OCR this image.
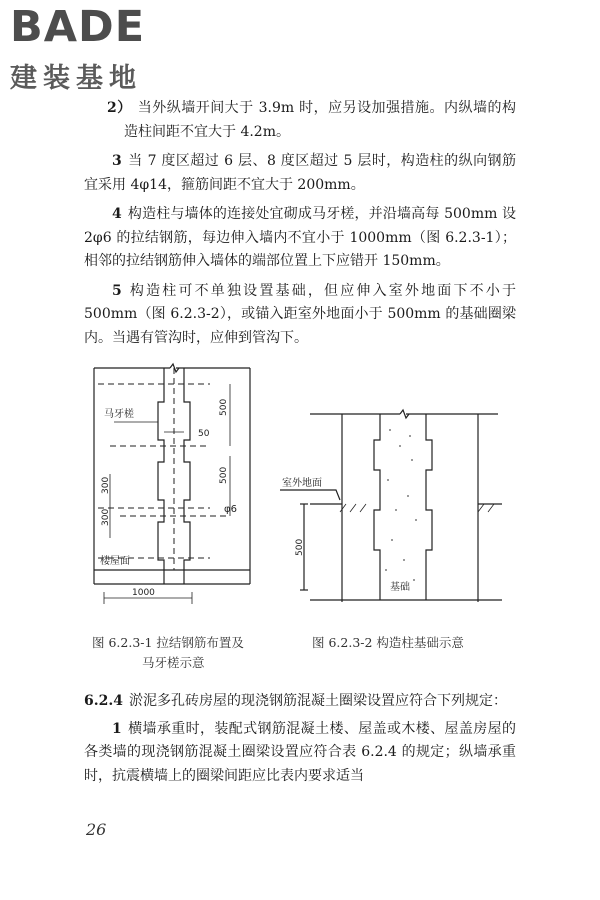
BADE
建装基地

2） 当外纵墙开间大于 3.9m 时，应另设加强措施。内纵墙的构造柱间距不宜大于 4.2m。

3 当 7 度区超过 6 层、8 度区超过 5 层时，构造柱的纵向钢筋宜采用 4φ14，箍筋间距不宜大于 200mm。

4 构造柱与墙体的连接处宜砌成马牙槎，并沿墙高每 500mm 设 2φ6 的拉结钢筋，每边伸入墙内不宜小于 1000mm（图 6.2.3-1）；相邻的拉结钢筋伸入墙体的端部位置上下应错开 150mm。

5 构造柱可不单独设置基础，但应伸入室外地面下不小于 500mm（图 6.2.3-2），或锚入距室外地面小于 500mm 的基础圈梁内。当遇有管沟时，应伸到管沟下。

马牙槎
50
500
500
300
300	φ6
楼屋面
1000
室外地面
500
基础
图 6.2.3-1 拉结钢筋布置及
马牙槎示意
图 6.2.3-2 构造柱基础示意

6.2.4 淤泥多孔砖房屋的现浇钢筋混凝土圈梁设置应符合下列规定：

1 横墙承重时，装配式钢筋混凝土楼、屋盖或木楼、屋盖房屋的各类墙的现浇钢筋混凝土圈梁设置应符合表 6.2.4 的规定；纵墙承重时，抗震横墙上的圈梁间距应比表内要求适当

26
